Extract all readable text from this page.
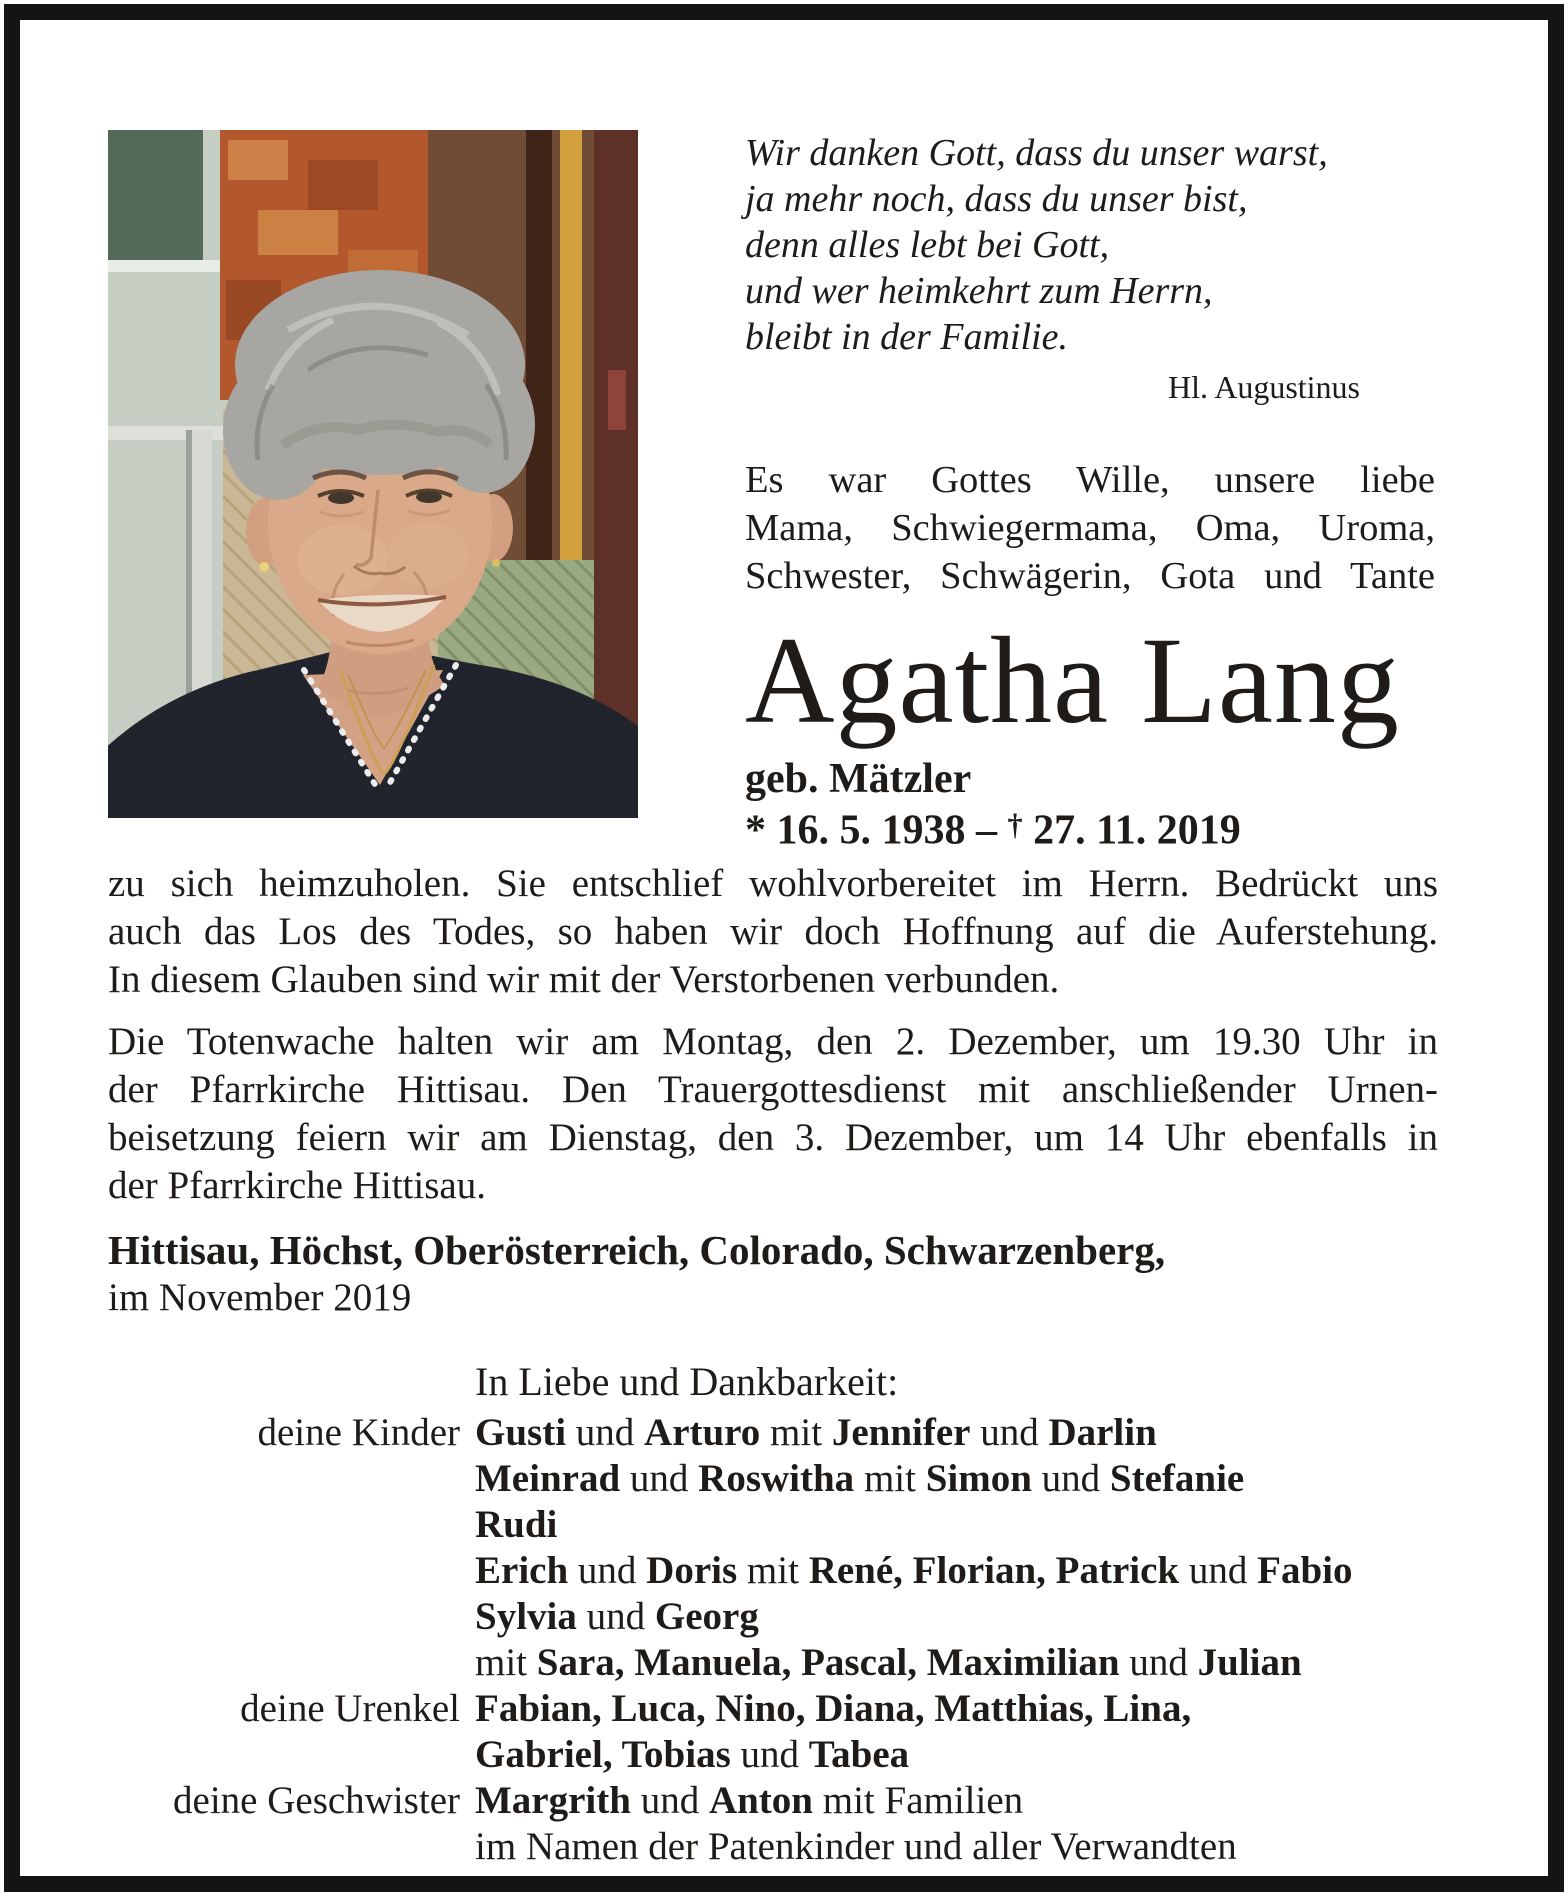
Wir danken Gott, dass du unser warst,
ja mehr noch, dass du unser bist,
denn alles lebt bei Gott,
und wer heimkehrt zum Herrn,
bleibt in der Familie.
Hl. Augustinus
Es war Gottes Wille, unsere liebe
Mama, Schwiegermama, Oma, Uroma,
Schwester, Schwägerin, Gota und Tante
Agatha Lang
geb. Mätzler
* 16. 5. 1938 – † 27. 11. 2019
zu sich heimzuholen. Sie entschlief wohlvorbereitet im Herrn. Bedrückt uns
auch das Los des Todes, so haben wir doch Hoffnung auf die Auferstehung.
In diesem Glauben sind wir mit der Verstorbenen verbunden.
Die Totenwache halten wir am Montag, den 2. Dezember, um 19.30 Uhr in
der Pfarrkirche Hittisau. Den Trauergottesdienst mit anschließender Urnen-
beisetzung feiern wir am Dienstag, den 3. Dezember, um 14 Uhr ebenfalls in
der Pfarrkirche Hittisau.
Hittisau, Höchst, Oberösterreich, Colorado, Schwarzenberg,
im November 2019
In Liebe und Dankbarkeit:
deine Kinder Gusti und Arturo mit Jennifer und Darlin
Meinrad und Roswitha mit Simon und Stefanie
Rudi
Erich und Doris mit René, Florian, Patrick und Fabio
Sylvia und Georg
mit Sara, Manuela, Pascal, Maximilian und Julian
deine Urenkel Fabian, Luca, Nino, Diana, Matthias, Lina,
Gabriel, Tobias und Tabea
deine Geschwister Margrith und Anton mit Familien
im Namen der Patenkinder und aller Verwandten
